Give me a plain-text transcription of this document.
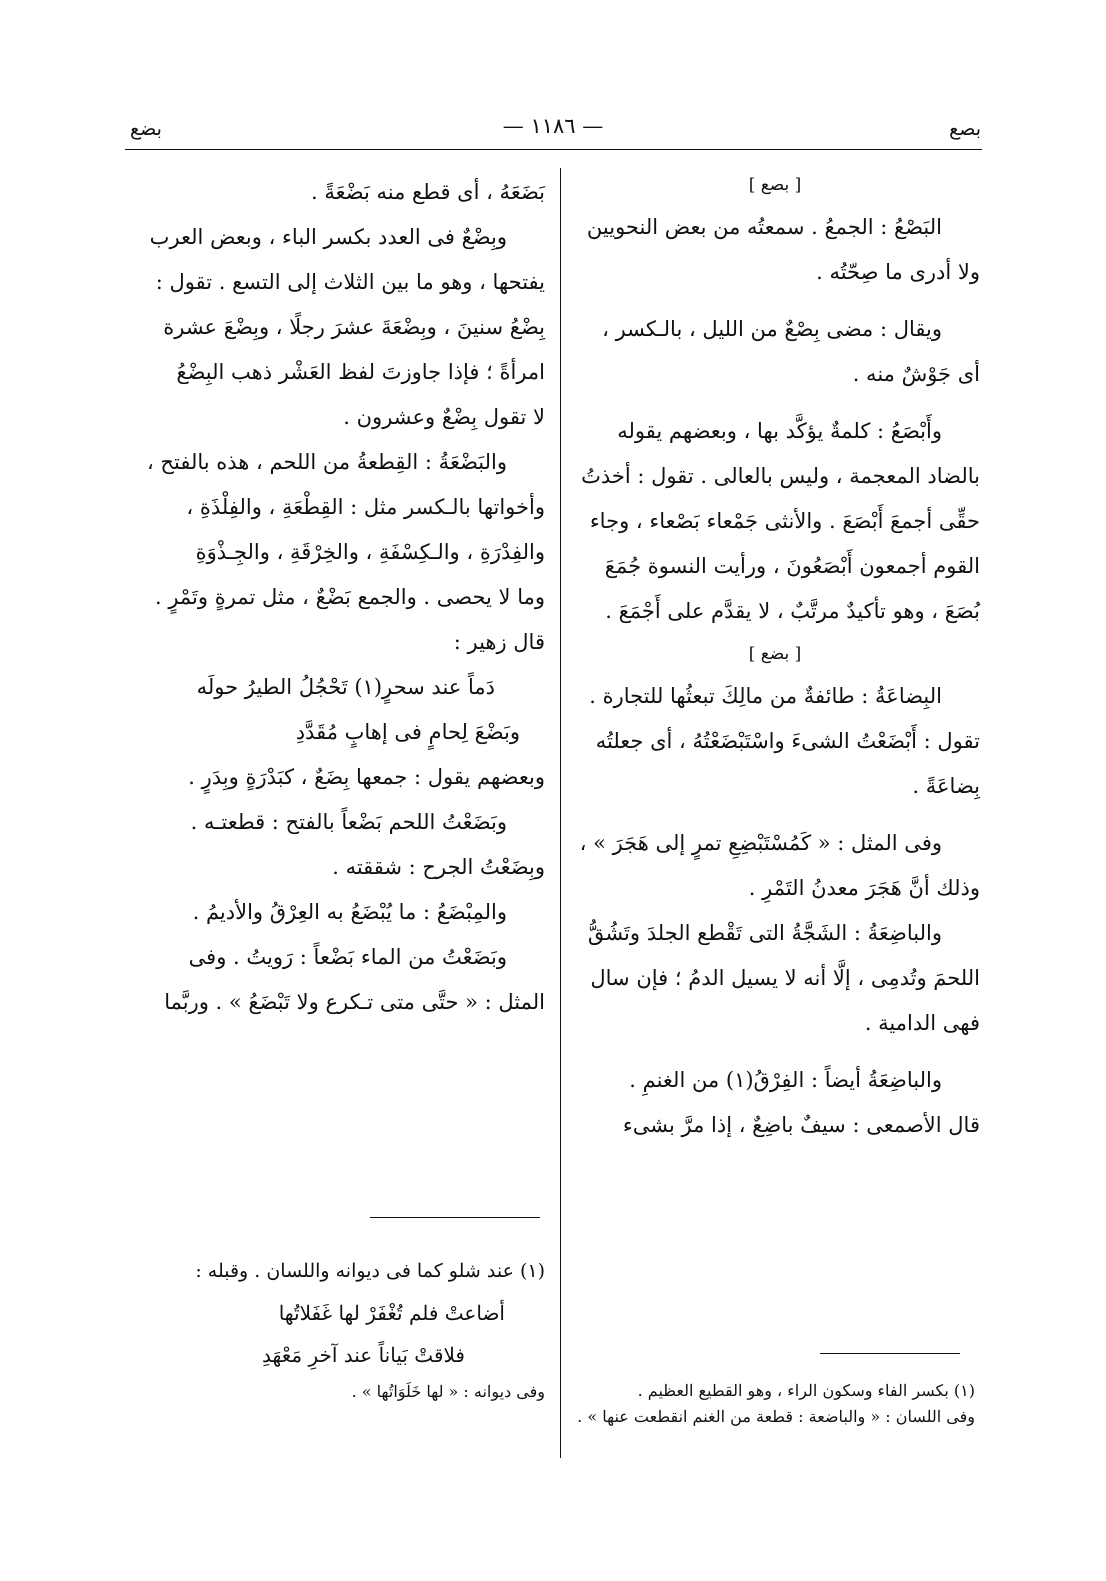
بضع	— ١١٨٦ —	بصع
[ بصع ]
البَصْعُ : الجمعُ . سمعتُه من بعض النحويين
ولا أدرى ما صِحّتُه .
ويقال : مضى بِصْعٌ من الليل ، بالـكسر ،
أى جَوْشٌ منه .
وأَبْصَعُ : كلمةٌ يؤكَّد بها ، وبعضهم يقوله
بالضاد المعجمة ، وليس بالعالى . تقول : أخذتُ
حقِّى أجمعَ أَبْصَعَ . والأنثى جَمْعاء بَصْعاء ، وجاء
القوم أجمعون أَبْصَعُونَ ، ورأيت النسوة جُمَعَ
بُصَعَ ، وهو تأكيدٌ مرتَّبٌ ، لا يقدَّم على أَجْمَعَ .
[ بضع ]
البِضاعَةُ : طائفةٌ من مالِكَ تبعثُها للتجارة .
تقول : أَبْضَعْتُ الشىءَ واسْتَبْضَعْتُهُ ، أى جعلتُه
بِضاعَةً .
وفى المثل : « كَمُسْتَبْضِعِ تمرٍ إلى هَجَرَ » ،
وذلك أنَّ هَجَرَ معدنُ التَمْرِ .
والباضِعَةُ : الشَجَّةُ التى تَقْطع الجلدَ وتَشُقُّ
اللحمَ وتُدمِى ، إلَّا أنه لا يسيل الدمُ ؛ فإن سال
فهى الدامية .
والباضِعَةُ أيضاً : الفِرْقُ(١) من الغنمِ .
قال الأصمعى : سيفٌ باضِعٌ ، إذا مرَّ بشىء
بَضَعَهُ ، أى قطع منه بَضْعَةً .
وبِضْعٌ فى العدد بكسر الباء ، وبعض العرب
يفتحها ، وهو ما بين الثلاث إلى التسع . تقول :
بِضْعُ سنينَ ، وبِضْعَةَ عشرَ رجلًا ، وبِضْعَ عشرة
امرأةً ؛ فإذا جاوزتَ لفظ العَشْر ذهب البِضْعُ
لا تقول بِضْعٌ وعشرون .
والبَضْعَةُ : القِطعةُ من اللحم ، هذه بالفتح ،
وأخواتها بالـكسر مثل : القِطْعَةِ ، والفِلْذَةِ ،
والفِدْرَةِ ، والـكِسْفَةِ ، والخِرْقَةِ ، والجِـذْوَةِ
وما لا يحصى . والجمع بَضْعٌ ، مثل تمرةٍ وتَمْرٍ .
قال زهير :
دَماً عند سحرٍ(١) تَحْجُلُ الطيرُ حولَه
وبَضْعَ لِحامٍ فى إهابٍ مُقَدَّدِ
وبعضهم يقول : جمعها بِضَعٌ ، كبَدْرَةٍ وبِدَرٍ .
وبَضَعْتُ اللحم بَضْعاً بالفتح : قطعتـه .
وبِضَعْتُ الجرح : شققته .
والمِبْضَعُ : ما يُبْضَعُ به العِرْقُ والأديمُ .
وبَضَعْتُ من الماء بَضْعاً : رَويتُ . وفى
المثل : « حتَّى متى تـكرع ولا تَبْضَعُ » . وربَّما
(١) بكسر الفاء وسكون الراء ، وهو القطيع العظيم .
وفى اللسان : « والباضعة : قطعة من الغنم انقطعت عنها » .
(١) عند شلو كما فى ديوانه واللسان . وقبله :
أضاعتْ فلم تُغْفَرْ لها غَفَلاتُها
فلاقتْ بَياناً عند آخرِ مَعْهَدِ
وفى ديوانه : « لها خَلَوَاتُها » .
